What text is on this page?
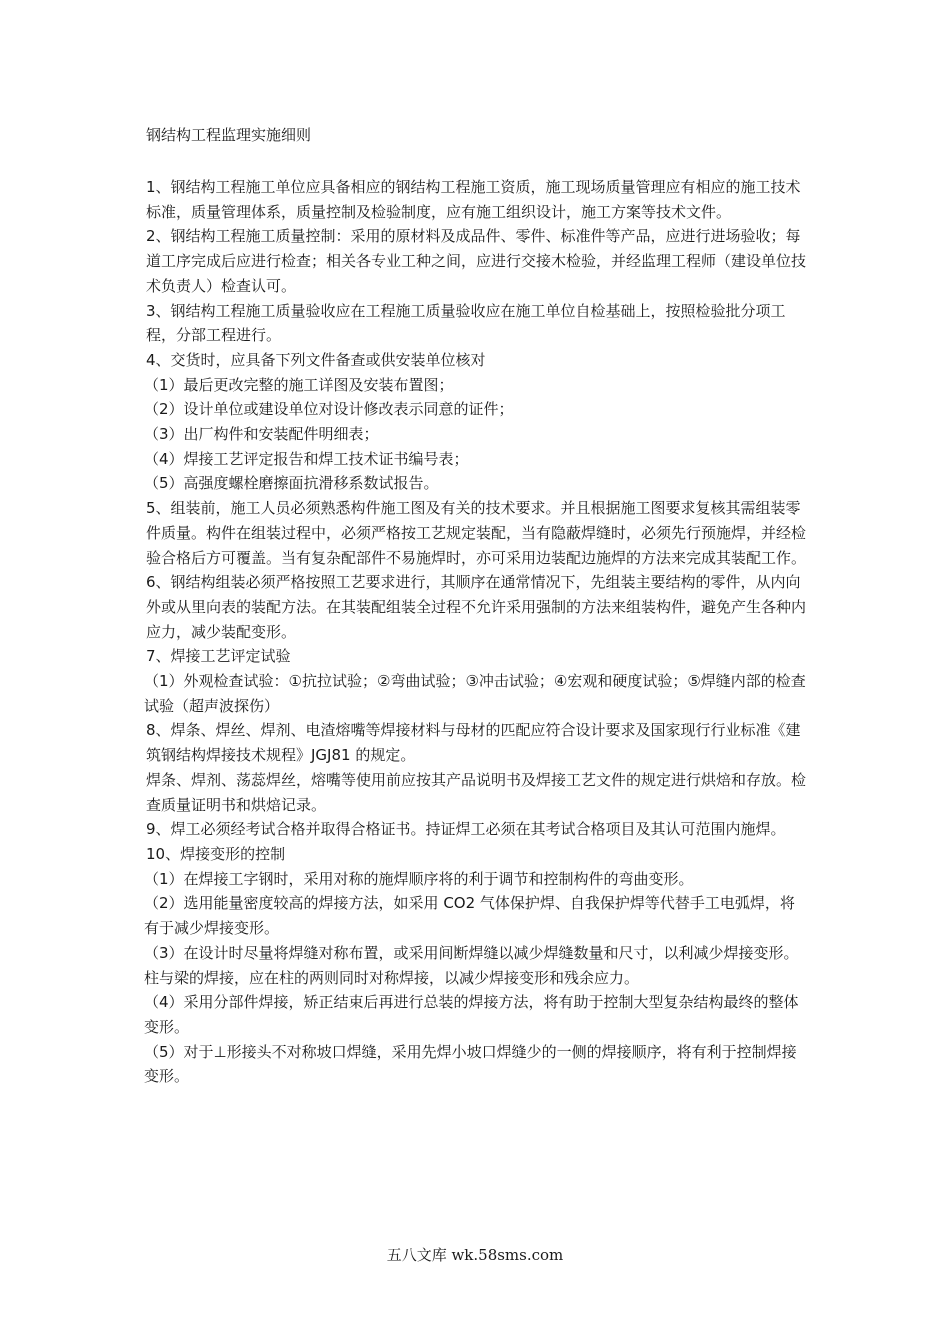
钢结构工程监理实施细则

1、钢结构工程施工单位应具备相应的钢结构工程施工资质，施工现场质量管理应有相应的施工技术标准，质量管理体系，质量控制及检验制度，应有施工组织设计，施工方案等技术文件。

2、钢结构工程施工质量控制：采用的原材料及成品件、零件、标准件等产品，应进行进场验收；每道工序完成后应进行检查；相关各专业工种之间，应进行交接木检验，并经监理工程师（建设单位技术负责人）检查认可。

3、钢结构工程施工质量验收应在工程施工质量验收应在施工单位自检基础上，按照检验批分项工程，分部工程进行。

4、交货时，应具备下列文件备查或供安装单位核对

（1）最后更改完整的施工详图及安装布置图；

（2）设计单位或建设单位对设计修改表示同意的证件；

（3）出厂构件和安装配件明细表；

（4）焊接工艺评定报告和焊工技术证书编号表；

（5）高强度螺栓磨擦面抗滑移系数试报告。

5、组装前，施工人员必须熟悉构件施工图及有关的技术要求。并且根据施工图要求复核其需组装零件质量。构件在组装过程中，必须严格按工艺规定装配，当有隐蔽焊缝时，必须先行预施焊，并经检验合格后方可覆盖。当有复杂配部件不易施焊时，亦可采用边装配边施焊的方法来完成其装配工作。

6、钢结构组装必须严格按照工艺要求进行，其顺序在通常情况下，先组装主要结构的零件，从内向外或从里向表的装配方法。在其装配组装全过程不允许采用强制的方法来组装构件，避免产生各种内应力，减少装配变形。

7、焊接工艺评定试验

（1）外观检查试验：①抗拉试验；②弯曲试验；③冲击试验；④宏观和硬度试验；⑤焊缝内部的检查试验（超声波探伤）

8、焊条、焊丝、焊剂、电渣熔嘴等焊接材料与母材的匹配应符合设计要求及国家现行行业标准《建筑钢结构焊接技术规程》JGJ81 的规定。

焊条、焊剂、荡蕊焊丝，熔嘴等使用前应按其产品说明书及焊接工艺文件的规定进行烘焙和存放。检查质量证明书和烘焙记录。

9、焊工必须经考试合格并取得合格证书。持证焊工必须在其考试合格项目及其认可范围内施焊。

10、焊接变形的控制

（1）在焊接工字钢时，采用对称的施焊顺序将的利于调节和控制构件的弯曲变形。

（2）选用能量密度较高的焊接方法，如采用 CO2 气体保护焊、自我保护焊等代替手工电弧焊，将有于减少焊接变形。

（3）在设计时尽量将焊缝对称布置，或采用间断焊缝以减少焊缝数量和尺寸，以利减少焊接变形。柱与梁的焊接，应在柱的两则同时对称焊接，以减少焊接变形和残余应力。

（4）采用分部件焊接，矫正结束后再进行总装的焊接方法，将有助于控制大型复杂结构最终的整体变形。

（5）对于⊥形接头不对称坡口焊缝，采用先焊小坡口焊缝少的一侧的焊接顺序，将有利于控制焊接变形。

五八文库 wk.58sms.com
